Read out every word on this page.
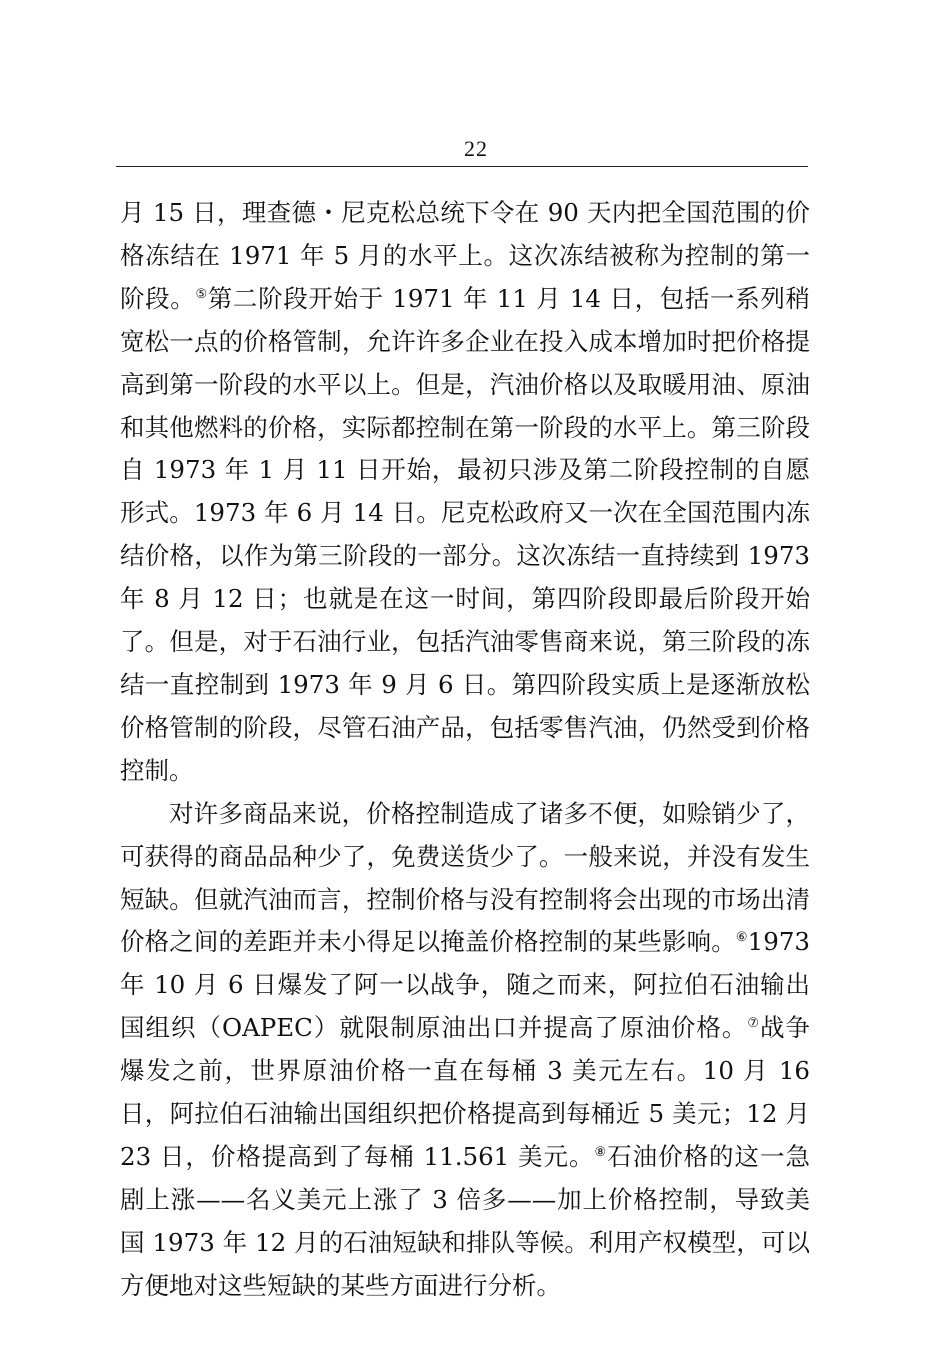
22

月 15 日，理查德・尼克松总统下令在 90 天内把全国范围的价格冻结在 1971 年 5 月的水平上。这次冻结被称为控制的第一阶段。⑤第二阶段开始于 1971 年 11 月 14 日，包括一系列稍宽松一点的价格管制，允许许多企业在投入成本增加时把价格提高到第一阶段的水平以上。但是，汽油价格以及取暖用油、原油和其他燃料的价格，实际都控制在第一阶段的水平上。第三阶段自 1973 年 1 月 11 日开始，最初只涉及第二阶段控制的自愿形式。1973 年 6 月 14 日。尼克松政府又一次在全国范围内冻结价格，以作为第三阶段的一部分。这次冻结一直持续到 1973 年 8 月 12 日；也就是在这一时间，第四阶段即最后阶段开始了。但是，对于石油行业，包括汽油零售商来说，第三阶段的冻结一直控制到 1973 年 9 月 6 日。第四阶段实质上是逐渐放松价格管制的阶段，尽管石油产品，包括零售汽油，仍然受到价格控制。

对许多商品来说，价格控制造成了诸多不便，如赊销少了，可获得的商品品种少了，免费送货少了。一般来说，并没有发生短缺。但就汽油而言，控制价格与没有控制将会出现的市场出清价格之间的差距并未小得足以掩盖价格控制的某些影响。⑥1973 年 10 月 6 日爆发了阿一以战争，随之而来，阿拉伯石油输出国组织（OAPEC）就限制原油出口并提高了原油价格。⑦战争爆发之前，世界原油价格一直在每桶 3 美元左右。10 月 16 日，阿拉伯石油输出国组织把价格提高到每桶近 5 美元；12 月 23 日，价格提高到了每桶 11.561 美元。⑧石油价格的这一急剧上涨——名义美元上涨了 3 倍多——加上价格控制，导致美国 1973 年 12 月的石油短缺和排队等候。利用产权模型，可以方便地对这些短缺的某些方面进行分析。
